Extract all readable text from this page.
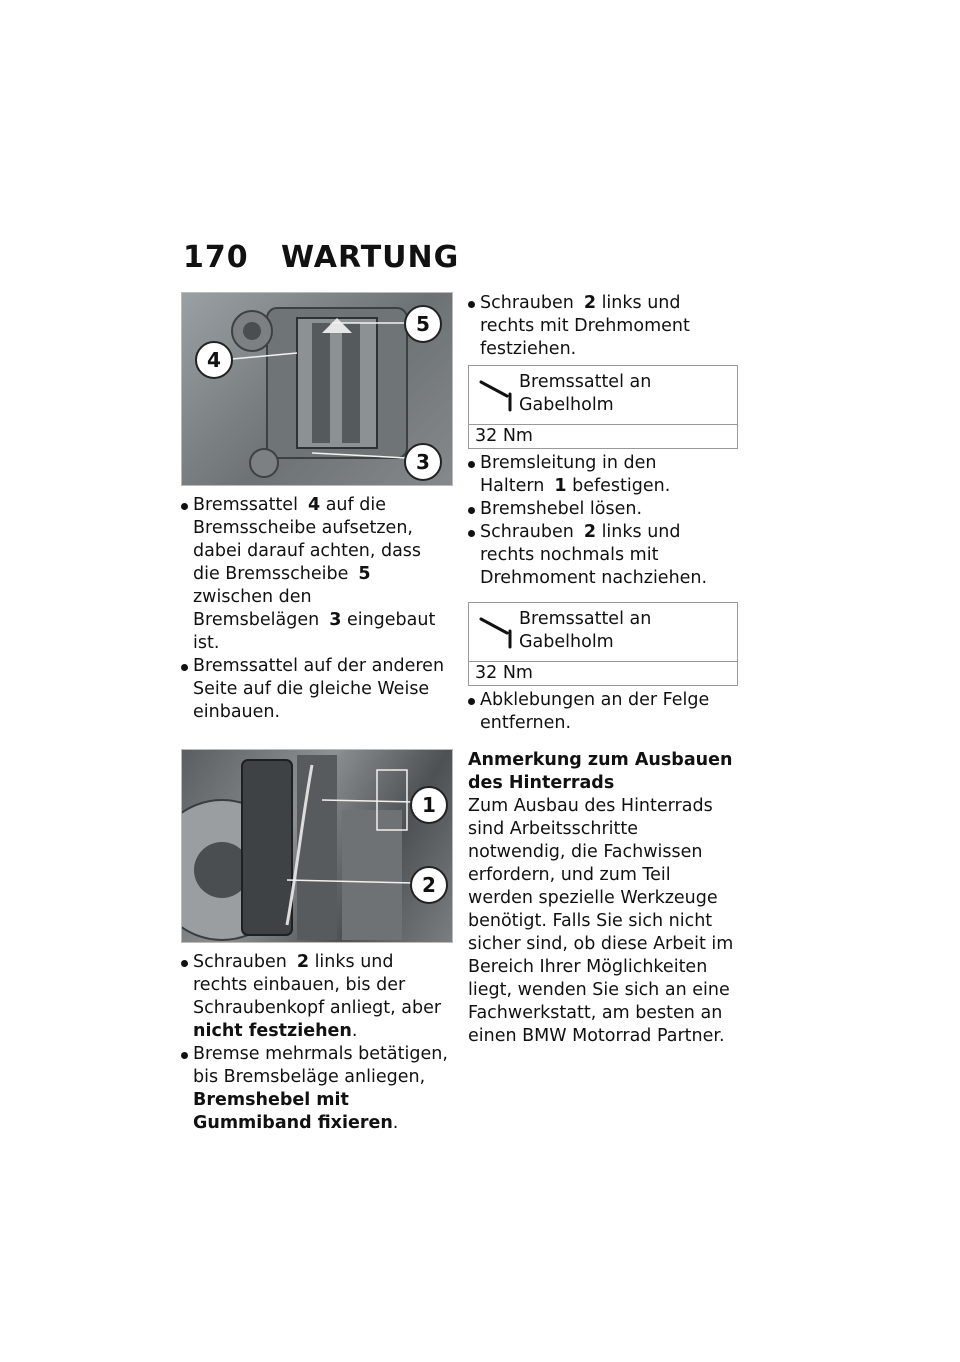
170 WARTUNG
5
4
3
Bremssattel 4 auf die Bremsscheibe aufsetzen, dabei darauf achten, dass die Bremsscheibe 5 zwischen den Bremsbelägen 3 eingebaut ist.
Bremssattel auf der anderen Seite auf die gleiche Weise einbauen.
1
2
Schrauben 2 links und rechts einbauen, bis der Schraubenkopf anliegt, aber nicht festziehen.
Bremse mehrmals betätigen, bis Bremsbeläge anliegen, Bremshebel mit Gummiband fixieren.
Schrauben 2 links und rechts mit Drehmoment festziehen.
Bremssattel an Gabelholm
32 Nm
Bremsleitung in den Haltern 1 befestigen.
Bremshebel lösen.
Schrauben 2 links und rechts nochmals mit Drehmoment nachziehen.
Bremssattel an Gabelholm
32 Nm
Abklebungen an der Felge entfernen.
Anmerkung zum Ausbauen des Hinterrads
Zum Ausbau des Hinterrads sind Arbeitsschritte notwendig, die Fachwissen erfordern, und zum Teil werden spezielle Werkzeuge benötigt. Falls Sie sich nicht sicher sind, ob diese Arbeit im Bereich Ihrer Möglichkeiten liegt, wenden Sie sich an eine Fachwerkstatt, am besten an einen BMW Motorrad Partner.
